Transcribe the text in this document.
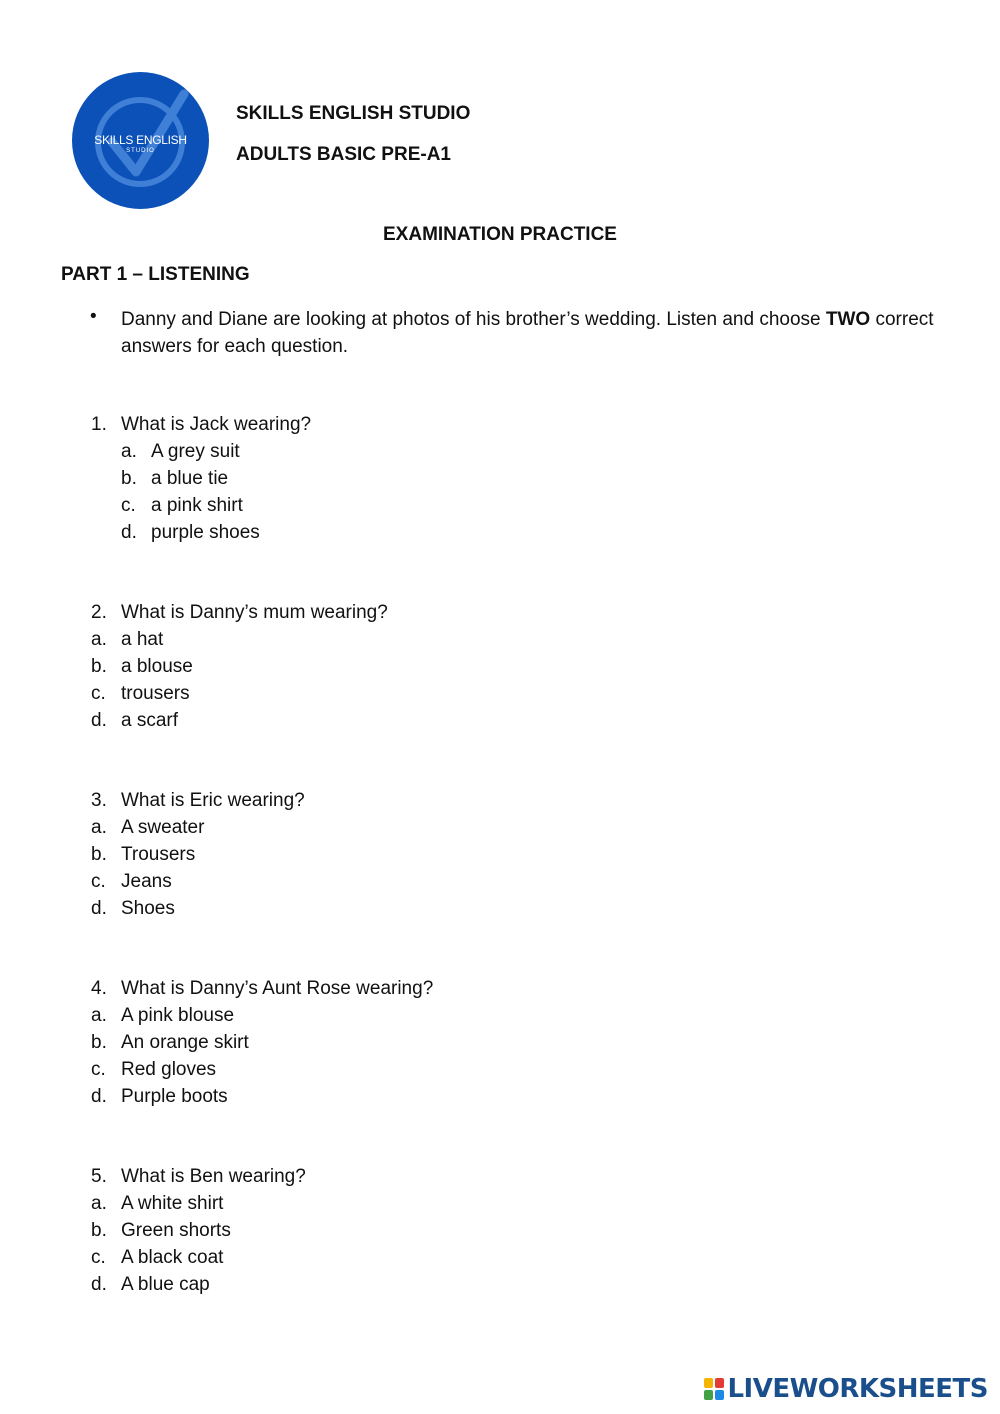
SKILLS ENGLISH
STUDIO
SKILLS ENGLISH STUDIO
ADULTS BASIC PRE-A1
EXAMINATION PRACTICE
PART 1 – LISTENING
• Danny and Diane are looking at photos of his brother’s wedding. Listen and choose TWO correct answers for each question.
1. What is Jack wearing?
a. A grey suit
b. a blue tie
c. a pink shirt
d. purple shoes
2. What is Danny’s mum wearing?
a. a hat
b. a blouse
c. trousers
d. a scarf
3. What is Eric wearing?
a. A sweater
b. Trousers
c. Jeans
d. Shoes
4. What is Danny’s Aunt Rose wearing?
a. A pink blouse
b. An orange skirt
c. Red gloves
d. Purple boots
5. What is Ben wearing?
a. A white shirt
b. Green shorts
c. A black coat
d. A blue cap
LIVEWORKSHEETS
